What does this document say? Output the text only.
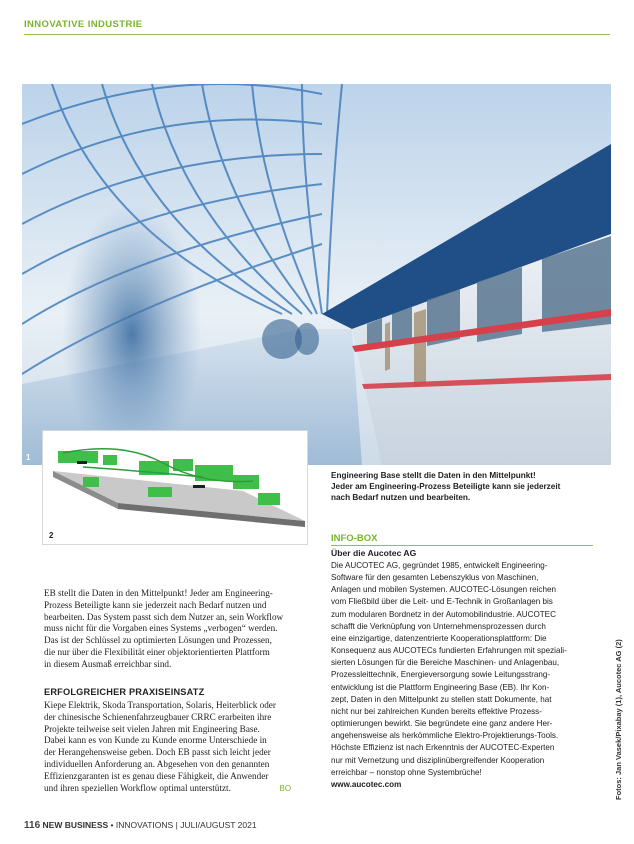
INNOVATIVE INDUSTRIE
1
2
Engineering Base stellt die Daten in den Mittelpunkt!
Jeder am Engineering-Prozess Beteiligte kann sie jederzeit
nach Bedarf nutzen und bearbeiten.
INFO-BOX
Über die Aucotec AG
Die AUCOTEC AG, gegründet 1985, entwickelt Engineering-
Software für den gesamten Lebenszyklus von Maschinen,
Anlagen und mobilen Systemen. AUCOTEC-Lösungen reichen
vom Fließbild über die Leit- und E-Technik in Großanlagen bis
zum modularen Bordnetz in der Automobilindustrie. AUCOTEC
schafft die Verknüpfung von Unternehmensprozessen durch
eine einzigartige, datenzentrierte Kooperationsplattform: Die
Konsequenz aus AUCOTECs fundierten Erfahrungen mit speziali-
sierten Lösungen für die Bereiche Maschinen- und Anlagenbau,
Prozessleittechnik, Energieversorgung sowie Leitungsstrang-
entwicklung ist die Plattform Engineering Base (EB). Ihr Kon-
zept, Daten in den Mittelpunkt zu stellen statt Dokumente, hat
nicht nur bei zahlreichen Kunden bereits effektive Prozess-
optimierungen bewirkt. Sie begründete eine ganz andere Her-
angehensweise als herkömmliche Elektro-Projektierungs-Tools.
Höchste Effizienz ist nach Erkenntnis der AUCOTEC-Experten
nur mit Vernetzung und disziplinübergreifender Kooperation
erreichbar – nonstop ohne Systembrüche!
www.aucotec.com
EB stellt die Daten in den Mittelpunkt! Jeder am Engineering-
Prozess Beteiligte kann sie jederzeit nach Bedarf nutzen und
bearbeiten. Das System passt sich dem Nutzer an, sein Workflow
muss nicht für die Vorgaben eines Systems „verbogen“ werden.
Das ist der Schlüssel zu optimierten Lösungen und Prozessen,
die nur über die Flexibilität einer objektorientierten Plattform
in diesem Ausmaß erreichbar sind.
ERFOLGREICHER PRAXISEINSATZ
Kiepe Elektrik, Skoda Transportation, Solaris, Heiterblick oder
der chinesische Schienenfahrzeugbauer CRRC erarbeiten ihre
Projekte teilweise seit vielen Jahren mit Engineering Base.
Dabei kann es von Kunde zu Kunde enorme Unterschiede in
der Herangehensweise geben. Doch EB passt sich leicht jeder
individuellen Anforderung an. Abgesehen von den genannten
Effizienzgaranten ist es genau diese Fähigkeit, die Anwender
und ihren speziellen Workflow optimal unterstützt.	BO	Fotos: Jan Vasek/Pixabay (1), Aucotec AG (2)
116 NEW BUSINESS • INNOVATIONS | JULI/AUGUST 2021
